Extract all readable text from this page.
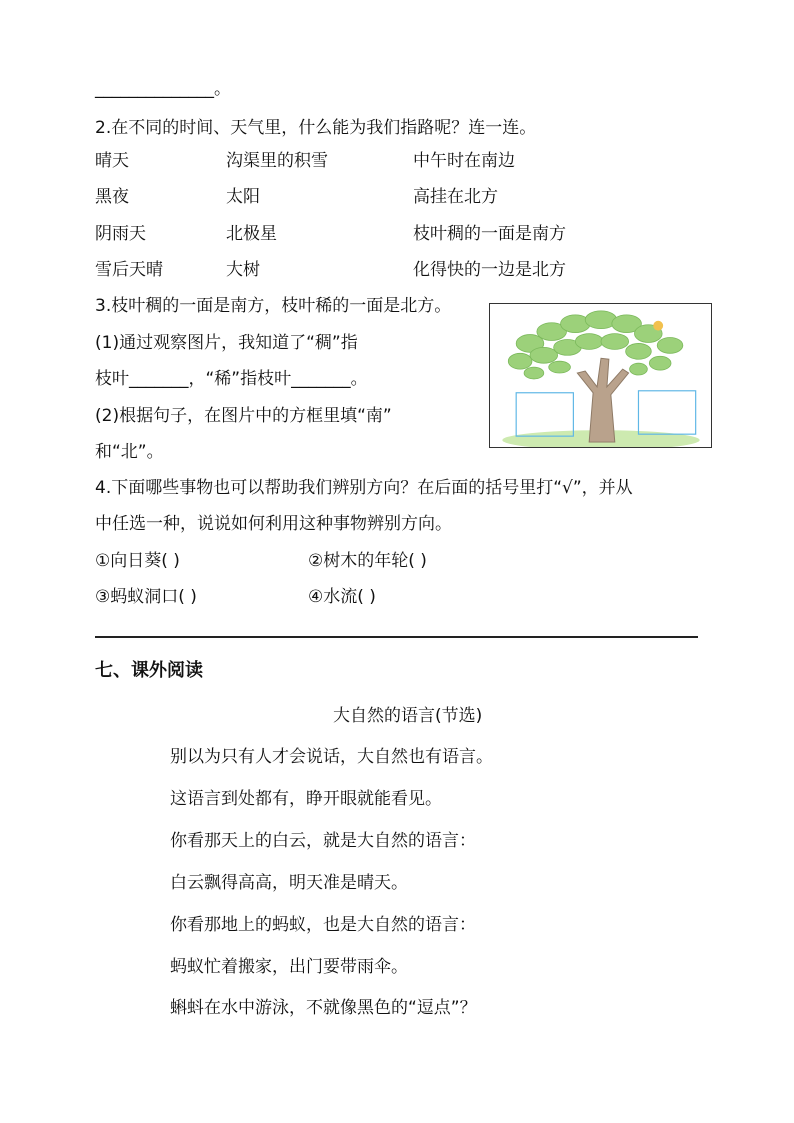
______________。
2.在不同的时间、天气里，什么能为我们指路呢？连一连。
晴天	沟渠里的积雪	中午时在南边
黑夜	太阳	高挂在北方
阴雨天	北极星	枝叶稠的一面是南方
雪后天晴	大树	化得快的一边是北方
3.枝叶稠的一面是南方，枝叶稀的一面是北方。
(1)通过观察图片，我知道了“稠”指
枝叶_______，“稀”指枝叶_______。
(2)根据句子，在图片中的方框里填“南”
和“北”。
4.下面哪些事物也可以帮助我们辨别方向？在后面的括号里打“√”，并从
中任选一种，说说如何利用这种事物辨别方向。
①向日葵( )	②树木的年轮( )
③蚂蚁洞口( )	④水流( )
七、课外阅读
大自然的语言(节选)
别以为只有人才会说话，大自然也有语言。
这语言到处都有，睁开眼就能看见。
你看那天上的白云，就是大自然的语言：
白云飘得高高，明天准是晴天。
你看那地上的蚂蚁，也是大自然的语言：
蚂蚁忙着搬家，出门要带雨伞。
蝌蚪在水中游泳，不就像黑色的“逗点”？
